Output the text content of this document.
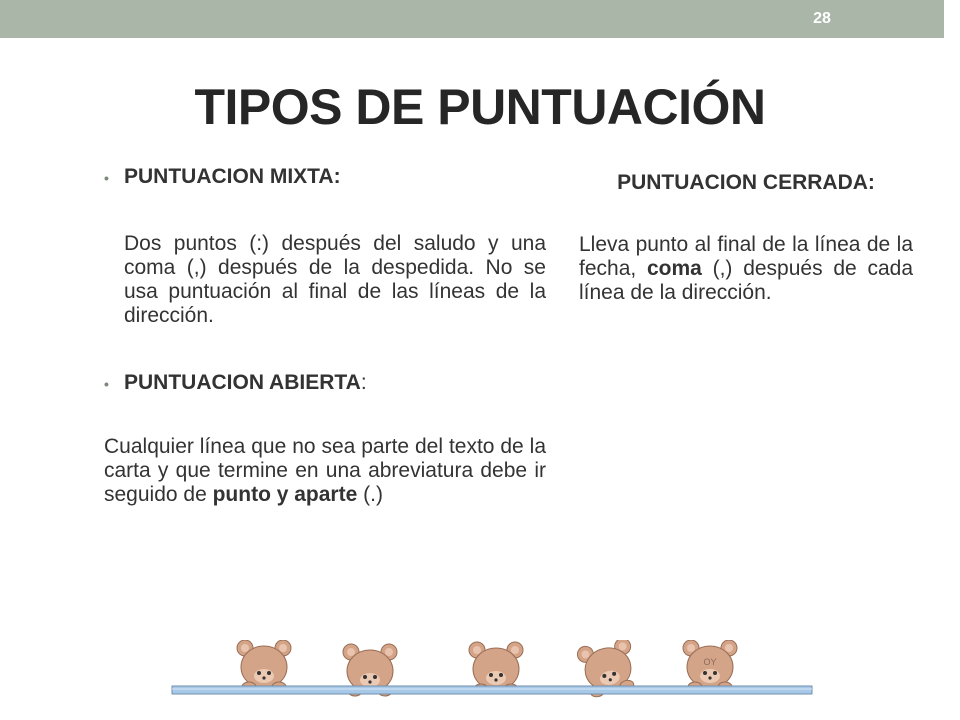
28
TIPOS DE PUNTUACIÓN
• PUNTUACION MIXTA:
Dos puntos (:) después del saludo y una coma (,) después de la despedida. No se usa puntuación al final de las líneas de la dirección.
• PUNTUACION ABIERTA:
Cualquier línea que no sea parte del texto de la carta y que termine en una abreviatura debe ir seguido de punto y aparte (.)
PUNTUACION CERRADA:
Lleva punto al final de la línea de la fecha, coma (,) después de cada línea de la dirección.
OY
